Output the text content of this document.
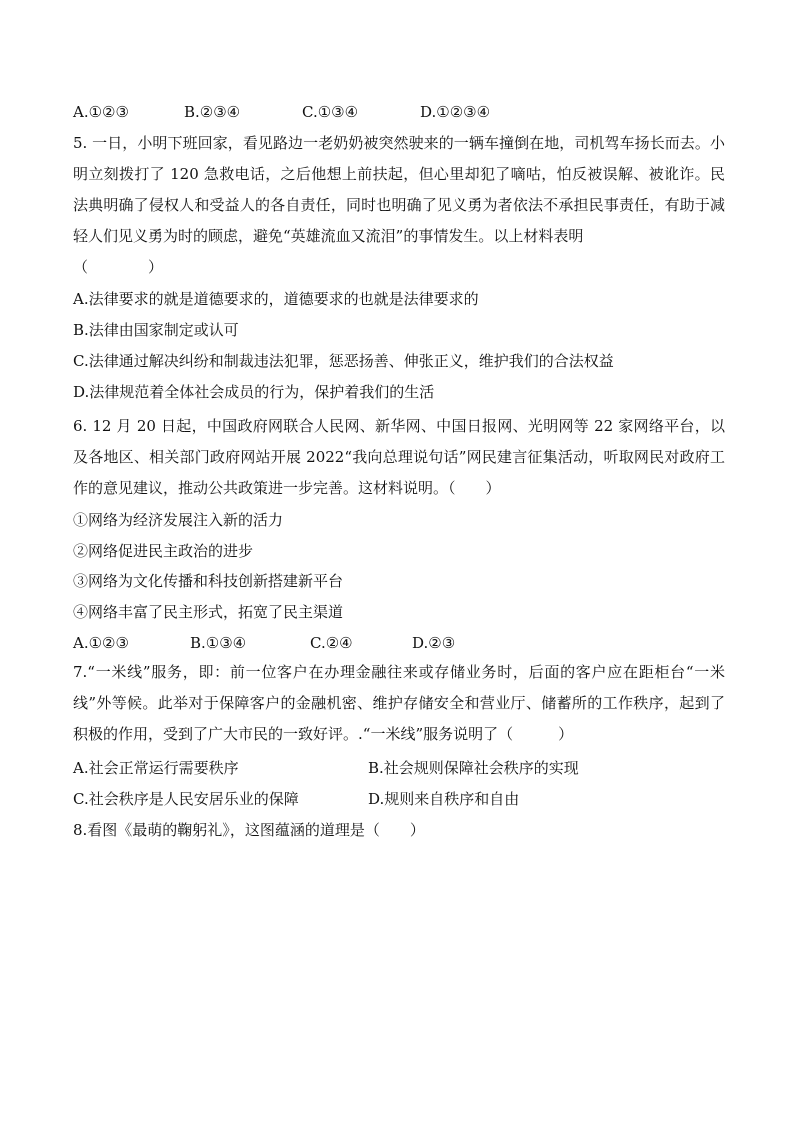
A.①②③	B.②③④	C.①③④	D.①②③④

5. 一日，小明下班回家，看见路边一老奶奶被突然驶来的一辆车撞倒在地，司机驾车扬长而去。小明立刻拨打了 120 急救电话，之后他想上前扶起，但心里却犯了嘀咕，怕反被误解、被讹诈。民法典明确了侵权人和受益人的各自责任，同时也明确了见义勇为者依法不承担民事责任，有助于减轻人们见义勇为时的顾虑，避免“英雄流血又流泪”的事情发生。以上材料表明
（　　　　）

A.法律要求的就是道德要求的，道德要求的也就是法律要求的
B.法律由国家制定或认可
C.法律通过解决纠纷和制裁违法犯罪，惩恶扬善、伸张正义，维护我们的合法权益
D.法律规范着全体社会成员的行为，保护着我们的生活

6. 12 月 20 日起，中国政府网联合人民网、新华网、中国日报网、光明网等 22 家网络平台，以及各地区、相关部门政府网站开展 2022“我向总理说句话”网民建言征集活动，听取网民对政府工作的意见建议，推动公共政策进一步完善。这材料说明。（　　）

①网络为经济发展注入新的活力
②网络促进民主政治的进步
③网络为文化传播和科技创新搭建新平台
④网络丰富了民主形式，拓宽了民主渠道
A.①②③	B.①③④	C.②④	D.②③

7.“一米线”服务，即：前一位客户在办理金融往来或存储业务时，后面的客户应在距柜台“一米线”外等候。此举对于保障客户的金融机密、维护存储安全和营业厅、储蓄所的工作秩序，起到了积极的作用，受到了广大市民的一致好评。.“一米线”服务说明了（　　　）

A.社会正常运行需要秩序	B.社会规则保障社会秩序的实现
C.社会秩序是人民安居乐业的保障	D.规则来自秩序和自由
8.看图《最萌的鞠躬礼》，这图蕴涵的道理是（　　）
